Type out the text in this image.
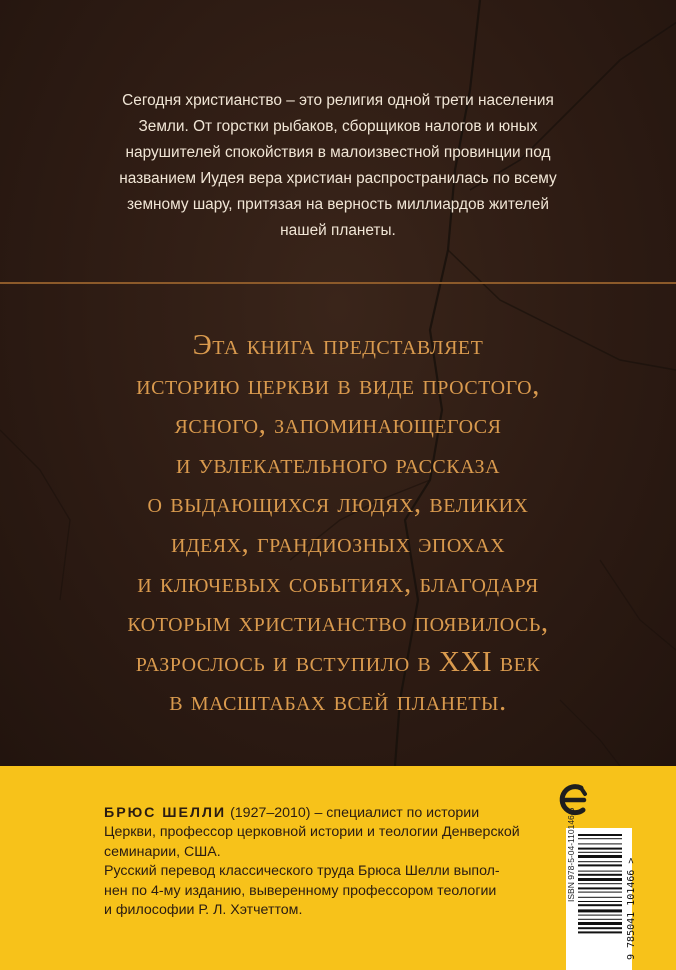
Сегодня христианство – это религия одной трети населения
Земли. От горстки рыбаков, сборщиков налогов и юных
нарушителей спокойствия в малоизвестной провинции под
названием Иудея вера христиан распространилась по всему
земному шару, притязая на верность миллиардов жителей
нашей планеты.
Эта книга представляет
историю церкви в виде простого,
ясного, запоминающегося
и увлекательного рассказа
о выдающихся людях, великих
идеях, грандиозных эпохах
и ключевых событиях, благодаря
которым христианство появилось,
разрослось и вступило в XXI век
в масштабах всей планеты.
БРЮС ШЕЛЛИ (1927–2010) – специалист по истории
Церкви, профессор церковной истории и теологии Денверской
семинарии, США.
Русский перевод классического труда Брюса Шелли выпол-
нен по 4-му изданию, выверенному профессором теологии
и философии Р. Л. Хэтчеттом.
ISBN 978-5-04-110146-6
9 785041 101466 >
